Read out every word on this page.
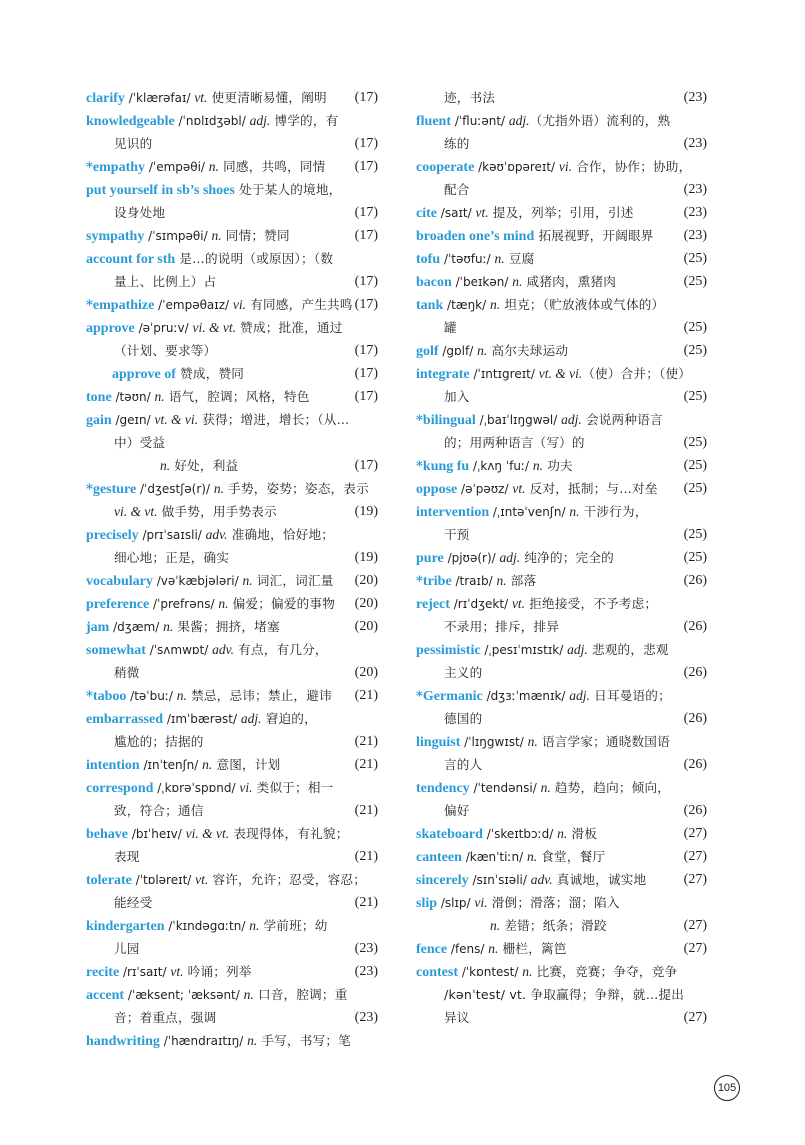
clarify /ˈklærəfaɪ/ vt. 使更清晰易懂，阐明 (17)
knowledgeable /ˈnɒlɪdʒəbl/ adj. 博学的，有
见识的	(17)
*empathy /ˈempəθi/ n. 同感，共鸣，同情 (17)
put yourself in sb’s shoes 处于某人的境地，
设身处地	(17)
sympathy /ˈsɪmpəθi/ n. 同情；赞同	(17)
account for sth 是…的说明（或原因）；（数
量上、比例上）占	(17)
*empathize /ˈempəθaɪz/ vi. 有同感，产生共鸣 (17)
approve /əˈpruːv/ vi. & vt. 赞成；批准，通过
（计划、要求等）	(17)
approve of 赞成，赞同	(17)
tone /təʊn/ n. 语气，腔调；风格，特色	(17)
gain /geɪn/ vt. & vi. 获得；增进，增长；（从…
中）受益
n. 好处，利益	(17)
*gesture /ˈdʒestʃə(r)/ n. 手势，姿势；姿态，表示
vi. & vt. 做手势，用手势表示	(19)
precisely /prɪˈsaɪsli/ adv. 准确地，恰好地；
细心地；正是，确实	(19)
vocabulary /vəˈkæbjələri/ n. 词汇，词汇量 (20)
preference /ˈprefrəns/ n. 偏爱；偏爱的事物 (20)
jam /dʒæm/ n. 果酱；拥挤，堵塞	(20)
somewhat /ˈsʌmwɒt/ adv. 有点，有几分，
稍微	(20)
*taboo /təˈbuː/ n. 禁忌，忌讳；禁止，避讳 (21)
embarrassed /ɪmˈbærəst/ adj. 窘迫的，
尴尬的；拮据的	(21)
intention /ɪnˈtenʃn/ n. 意图，计划	(21)
correspond /ˌkɒrəˈspɒnd/ vi. 类似于；相一
致，符合；通信	(21)
behave /bɪˈheɪv/ vi. & vt. 表现得体，有礼貌；
表现	(21)
tolerate /ˈtɒləreɪt/ vt. 容许，允许；忍受，容忍；
能经受	(21)
kindergarten /ˈkɪndəgɑːtn/ n. 学前班；幼
儿园	(23)
recite /rɪˈsaɪt/ vt. 吟诵；列举	(23)
accent /ˈæksent; ˈæksənt/ n. 口音，腔调；重
音；着重点，强调	(23)
handwriting /ˈhændraɪtɪŋ/ n. 手写，书写；笔
迹，书法	(23)
fluent /ˈfluːənt/ adj.（尤指外语）流利的，熟
练的	(23)
cooperate /kəʊˈɒpəreɪt/ vi. 合作，协作；协助，
配合	(23)
cite /saɪt/ vt. 提及，列举；引用，引述	(23)
broaden one’s mind 拓展视野，开阔眼界 (23)
tofu /ˈtəʊfuː/ n. 豆腐	(25)
bacon /ˈbeɪkən/ n. 咸猪肉，熏猪肉	(25)
tank /tæŋk/ n. 坦克；（贮放液体或气体的）
罐	(25)
golf /gɒlf/ n. 高尔夫球运动	(25)
integrate /ˈɪntɪgreɪt/ vt. & vi.（使）合并；（使）
加入	(25)
*bilingual /ˌbaɪˈlɪŋgwəl/ adj. 会说两种语言
的；用两种语言（写）的	(25)
*kung fu /ˌkʌŋ ˈfuː/ n. 功夫	(25)
oppose /əˈpəʊz/ vt. 反对，抵制；与…对垒 (25)
intervention /ˌɪntəˈvenʃn/ n. 干涉行为，
干预	(25)
pure /pjʊə(r)/ adj. 纯净的；完全的	(25)
*tribe /traɪb/ n. 部落	(26)
reject /rɪˈdʒekt/ vt. 拒绝接受，不予考虑；
不录用；排斥，排异	(26)
pessimistic /ˌpesɪˈmɪstɪk/ adj. 悲观的，悲观
主义的	(26)
*Germanic /dʒɜːˈmænɪk/ adj. 日耳曼语的；
德国的	(26)
linguist /ˈlɪŋgwɪst/ n. 语言学家；通晓数国语
言的人	(26)
tendency /ˈtendənsi/ n. 趋势，趋向；倾向，
偏好	(26)
skateboard /ˈskeɪtbɔːd/ n. 滑板	(27)
canteen /kænˈtiːn/ n. 食堂，餐厅	(27)
sincerely /sɪnˈsɪəli/ adv. 真诚地，诚实地	(27)
slip /slɪp/ vi. 滑倒；滑落；溜；陷入
n. 差错；纸条；滑跤	(27)
fence /fens/ n. 栅栏，篱笆	(27)
contest /ˈkɒntest/ n. 比赛，竞赛；争夺，竞争
/kənˈtest/ vt. 争取赢得；争辩，就…提出
异议	(27)
105
